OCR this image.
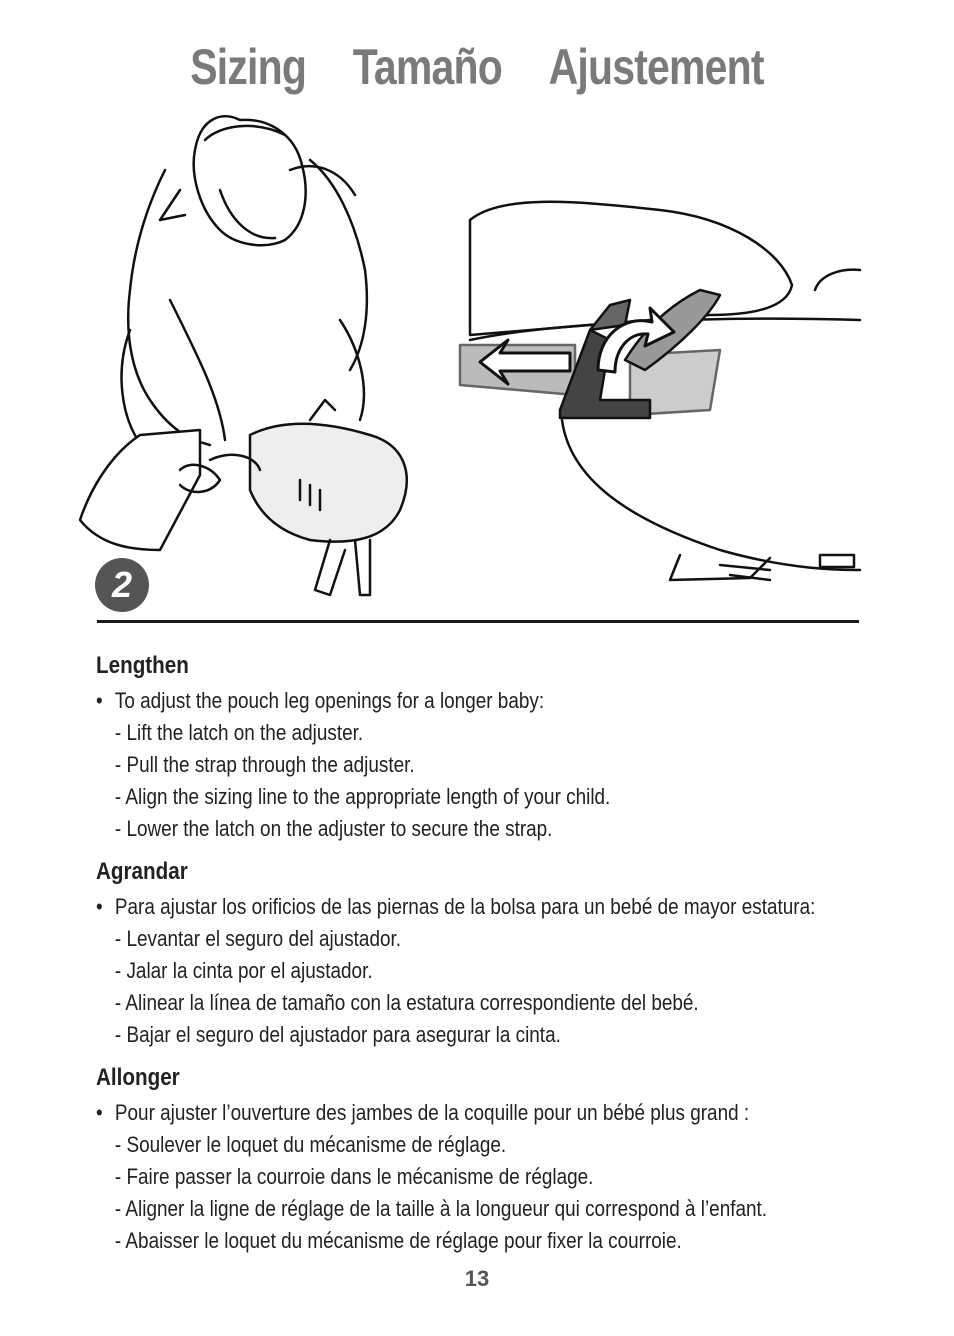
Sizing Tamaño Ajustement
2
Lengthen
• To adjust the pouch leg openings for a longer baby:
- Lift the latch on the adjuster.
- Pull the strap through the adjuster.
- Align the sizing line to the appropriate length of your child.
- Lower the latch on the adjuster to secure the strap.
Agrandar
• Para ajustar los orificios de las piernas de la bolsa para un bebé de mayor estatura:
- Levantar el seguro del ajustador.
- Jalar la cinta por el ajustador.
- Alinear la línea de tamaño con la estatura correspondiente del bebé.
- Bajar el seguro del ajustador para asegurar la cinta.
Allonger
• Pour ajuster l’ouverture des jambes de la coquille pour un bébé plus grand :
- Soulever le loquet du mécanisme de réglage.
- Faire passer la courroie dans le mécanisme de réglage.
- Aligner la ligne de réglage de la taille à la longueur qui correspond à l’enfant.
- Abaisser le loquet du mécanisme de réglage pour fixer la courroie.
13
